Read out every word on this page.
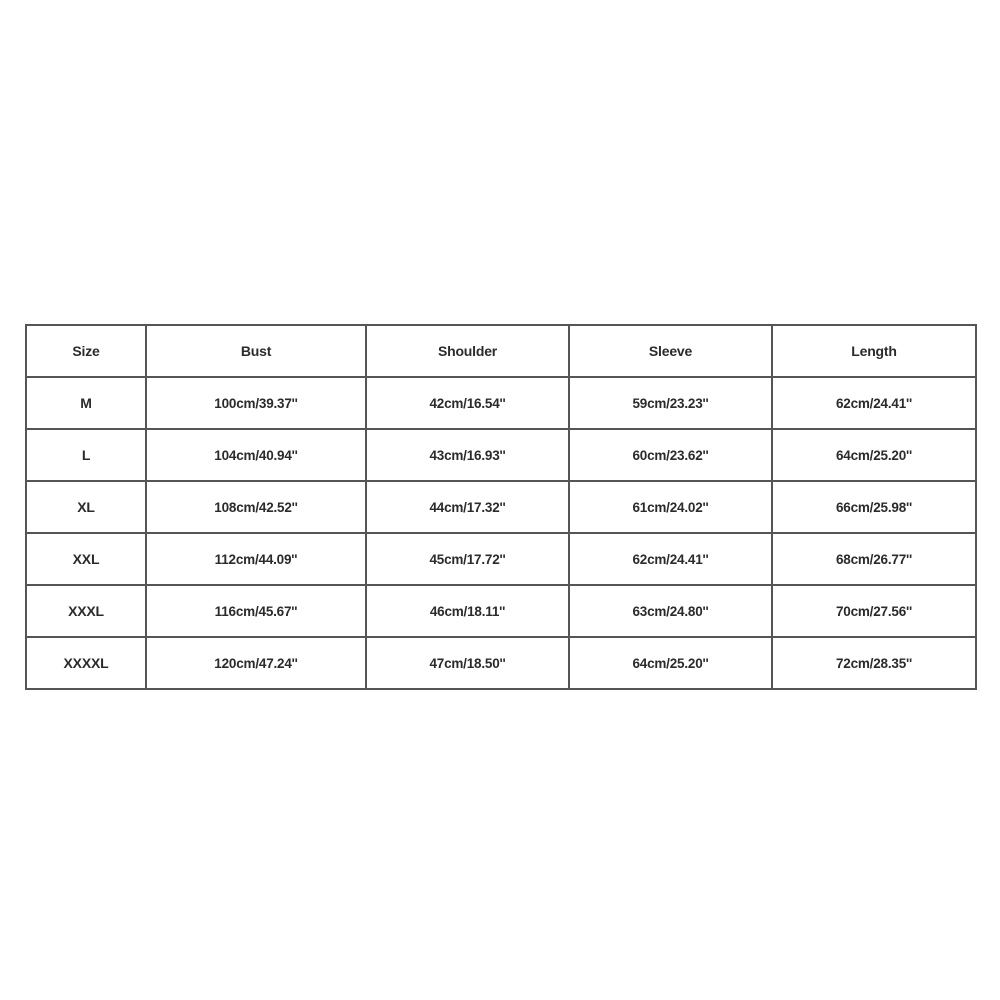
Size	Bust	Shoulder	Sleeve	Length
M	100cm/39.37''	42cm/16.54''	59cm/23.23''	62cm/24.41''
L	104cm/40.94''	43cm/16.93''	60cm/23.62''	64cm/25.20''
XL	108cm/42.52''	44cm/17.32''	61cm/24.02''	66cm/25.98''
XXL	112cm/44.09''	45cm/17.72''	62cm/24.41''	68cm/26.77''
XXXL	116cm/45.67''	46cm/18.11''	63cm/24.80''	70cm/27.56''
XXXXL	120cm/47.24''	47cm/18.50''	64cm/25.20''	72cm/28.35''
